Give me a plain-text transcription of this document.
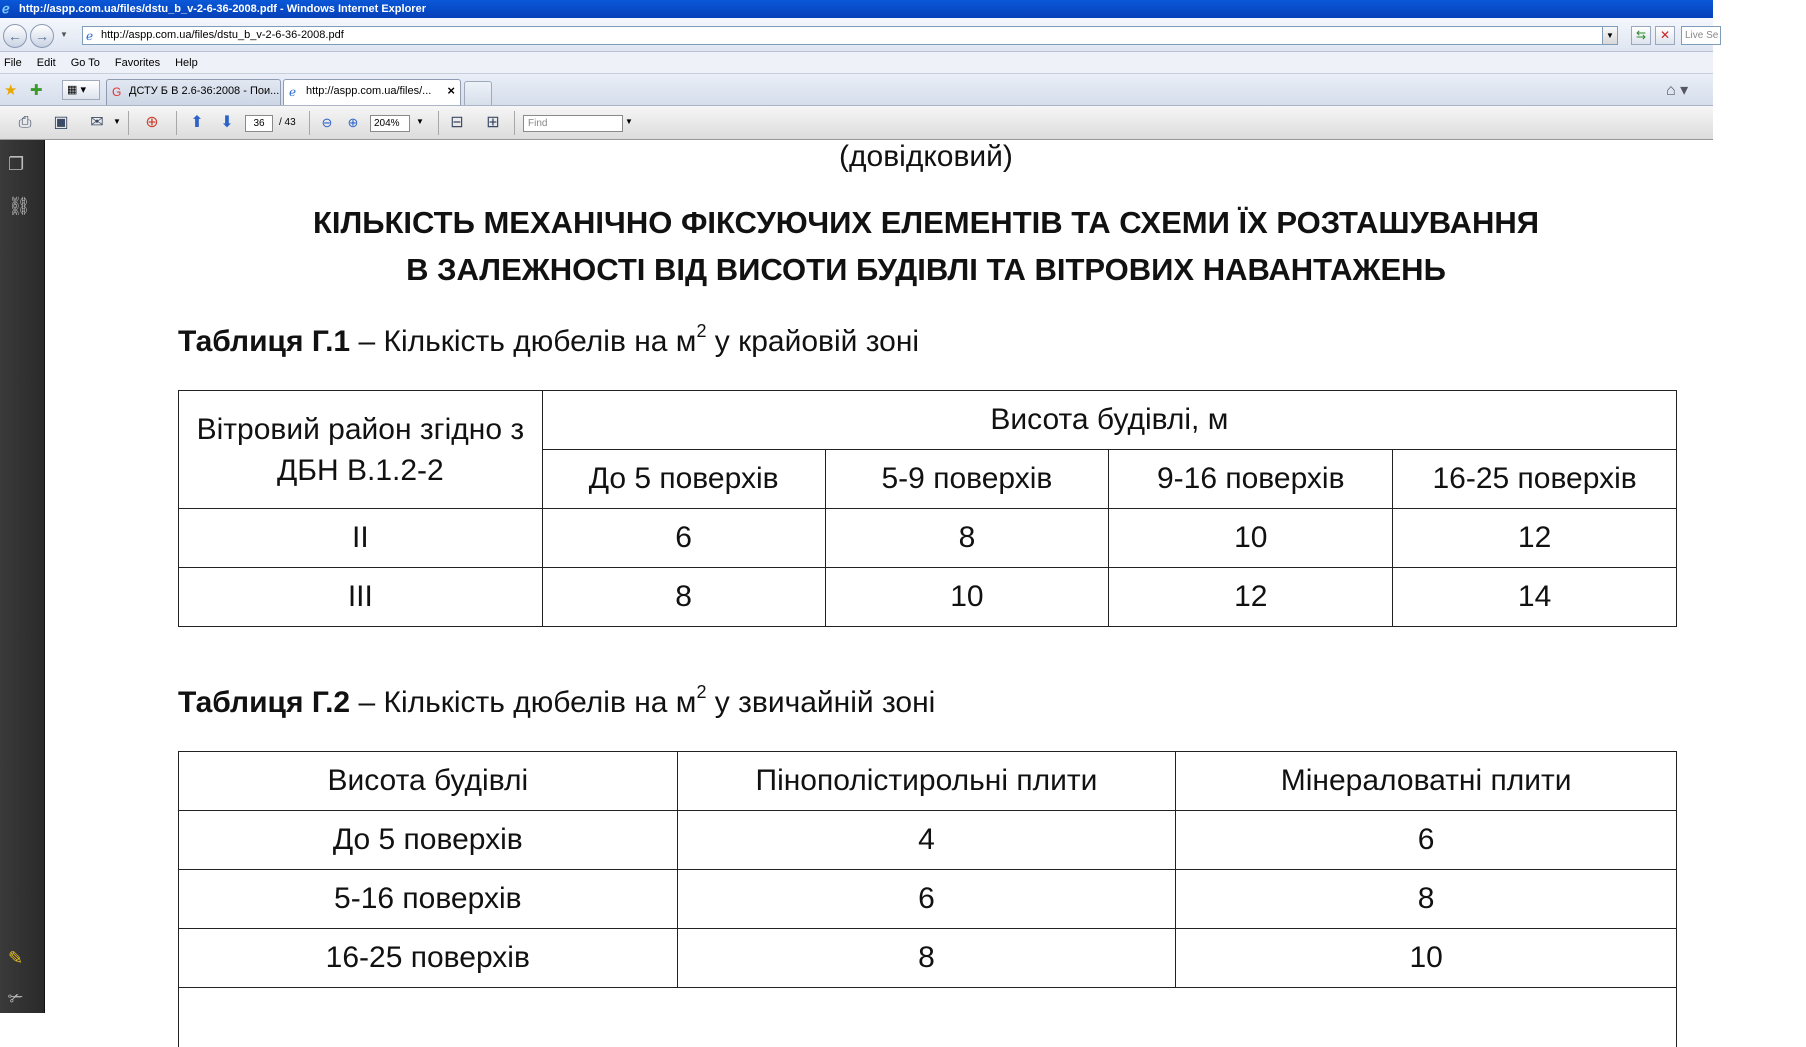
ℯ http://aspp.com.ua/files/dstu_b_v-2-6-36-2008.pdf - Windows Internet Explorer
← →	▼ ℯ http://aspp.com.ua/files/dstu_b_v-2-6-36-2008.pdf	▼	⇆	✕	Live Se
File Edit Go To Favorites Help
★ ✚	▦ ▾	G ДСТУ Б В 2.6-36:2008 - Пои... ℯ http://aspp.com.ua/files/... ×	⌂ ▾
⎙ ▣ ✉	▼ ⊕ ⬆ ⬇	36	/ 43	⊖	⊕	204%	▼ ⊟ ⊞	Find	▼
❐
⛓
✎
✃
(довідковий)
КІЛЬКІСТЬ МЕХАНІЧНО ФІКСУЮЧИХ ЕЛЕМЕНТІВ ТА СХЕМИ ЇХ РОЗТАШУВАННЯ
В ЗАЛЕЖНОСТІ ВІД ВИСОТИ БУДІВЛІ ТА ВІТРОВИХ НАВАНТАЖЕНЬ
Таблиця Г.1 – Кількість дюбелів на $м^2$ у крайовій зоні
Вітровий район згідно з ДБН В.1.2-2	Висота будівлі, м			
	До 5 поверхів	5-9 поверхів	9-16 поверхів	16-25 поверхів
II	6	8	10	12
III	8	10	12	14
Таблиця Г.2 – Кількість дюбелів на $м^2$ у звичайній зоні
Висота будівлі	Пінополістирольні плити	Мінераловатні плити
До 5 поверхів	4	6
5-16 поверхів	6	8
16-25 поверхів	8	10
